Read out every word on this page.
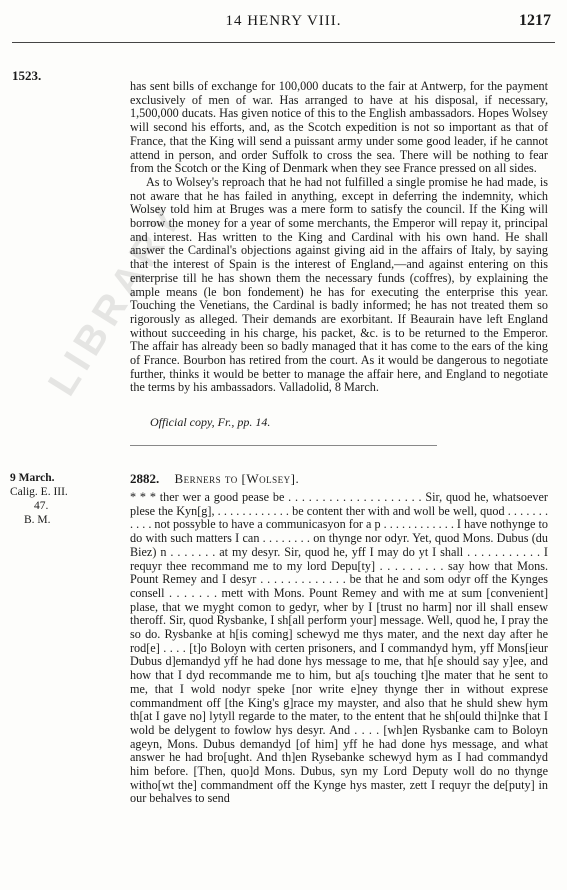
14 HENRY VIII.	1217
1523.

has sent bills of exchange for 100,000 ducats to the fair at Antwerp, for the payment exclusively of men of war. Has arranged to have at his disposal, if necessary, 1,500,000 ducats. Has given notice of this to the English ambassadors. Hopes Wolsey will second his efforts, and, as the Scotch expedition is not so important as that of France, that the King will send a puissant army under some good leader, if he cannot attend in person, and order Suffolk to cross the sea. There will be nothing to fear from the Scotch or the King of Denmark when they see France pressed on all sides.

As to Wolsey's reproach that he had not fulfilled a single promise he had made, is not aware that he has failed in anything, except in deferring the indemnity, which Wolsey told him at Bruges was a mere form to satisfy the council. If the King will borrow the money for a year of some merchants, the Emperor will repay it, principal and interest. Has written to the King and Cardinal with his own hand. He shall answer the Cardinal's objections against giving aid in the affairs of Italy, by saying that the interest of Spain is the interest of England,—and against entering on this enterprise till he has shown them the necessary funds (coffres), by explaining the ample means (le bon fondement) he has for executing the enterprise this year. Touching the Venetians, the Cardinal is badly informed; he has not treated them so rigorously as alleged. Their demands are exorbitant. If Beaurain have left England without succeeding in his charge, his packet, &c. is to be returned to the Emperor. The affair has already been so badly managed that it has come to the ears of the king of France. Bourbon has retired from the court. As it would be dangerous to negotiate further, thinks it would be better to manage the affair here, and England to negotiate the terms by his ambassadors. Valladolid, 8 March.

Official copy, Fr., pp. 14.
9 March.
Calig. E. III.
47.
B. M.
2882. Berners to [Wolsey].

* * * ther wer a good pease be . . . . . . . . . . . . . . . . . . . . Sir, quod he, whatsoever plese the Kyn[g], . . . . . . . . . . . . be content ther with and woll be well, quod . . . . . . . . . . . not possyble to have a communicasyon for a p . . . . . . . . . . . . I have nothynge to do with such matters I can . . . . . . . . on thynge nor odyr. Yet, quod Mons. Dubus (du Biez) n . . . . . . . at my desyr. Sir, quod he, yff I may do yt I shall . . . . . . . . . . . I requyr thee recommand me to my lord Depu[ty] . . . . . . . . . say how that Mons. Pount Remey and I desyr . . . . . . . . . . . . . be that he and som odyr off the Kynges consell . . . . . . . mett with Mons. Pount Remey and with me at sum [convenient] plase, that we myght comon to gedyr, wher by I [trust no harm] nor ill shall ensew theroff. Sir, quod Rysbanke, I sh[all perform your] message. Well, quod he, I pray the so do. Rysbanke at h[is coming] schewyd me thys mater, and the next day after he rod[e] . . . . [t]o Boloyn with certen prisoners, and I commandyd hym, yff Mons[ieur Dubus d]emandyd yff he had done hys message to me, that h[e should say y]ee, and how that I dyd recommande me to him, but a[s touching t]he mater that he sent to me, that I wold nodyr speke [nor write e]ney thynge ther in without exprese commandment off [the King's g]race my mayster, and also that he shuld shew hym th[at I gave no] lytyll regarde to the mater, to the entent that he sh[ould thi]nke that I wold be delygent to fowlow hys desyr. And . . . . [wh]en Rysbanke cam to Boloyn ageyn, Mons. Dubus demandyd [of him] yff he had done hys message, and what answer he had bro[ught. And th]en Rysebanke schewyd hym as I had commandyd him before. [Then, quo]d Mons. Dubus, syn my Lord Deputy woll do no thynge witho[wt the] commandment off the Kynge hys master, zett I requyr the de[puty] in our behalves to send

LIBRARY
